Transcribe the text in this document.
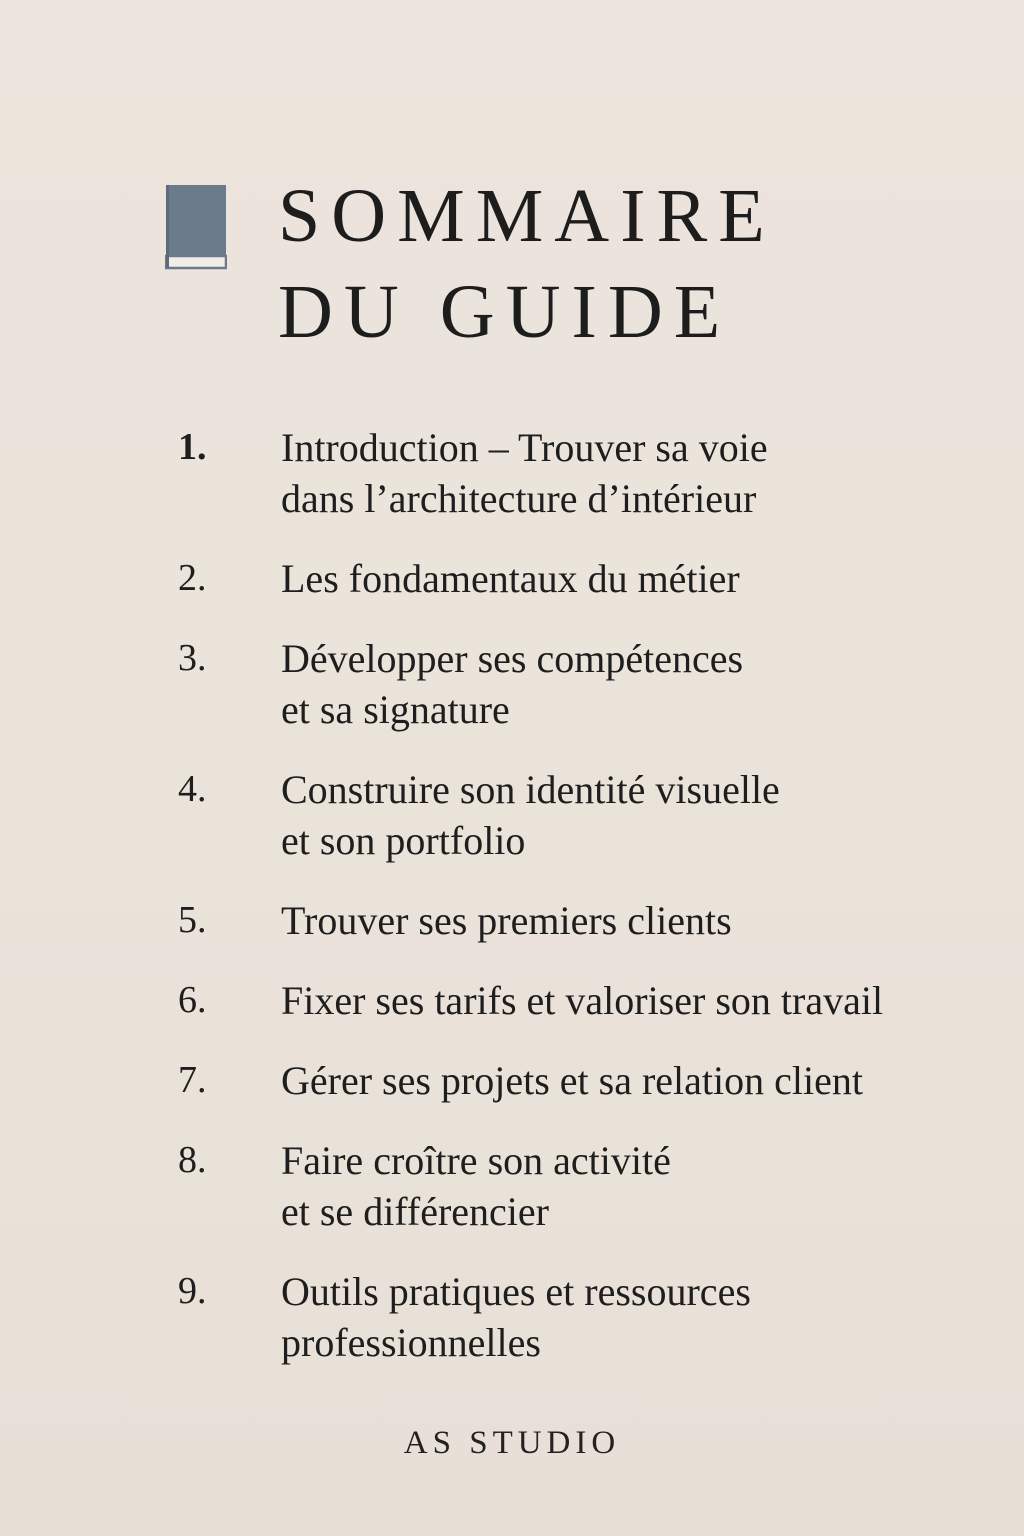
SOMMAIRE
DU GUIDE
1.	Introduction – Trouver sa voie
dans l’architecture d’intérieur
2.	Les fondamentaux du métier
3.	Développer ses compétences
et sa signature
4.	Construire son identité visuelle
et son portfolio
5.	Trouver ses premiers clients
6.	Fixer ses tarifs et valoriser son travail
7.	Gérer ses projets et sa relation client
8.	Faire croître son activité
et se différencier
9.	Outils pratiques et ressources
professionnelles
AS STUDIO
